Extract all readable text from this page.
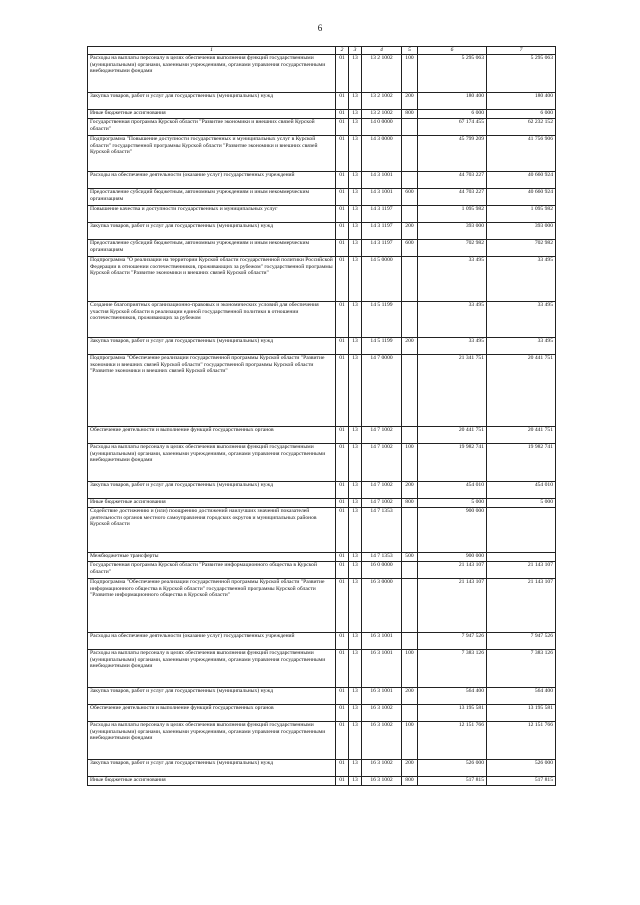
6
1	2	3	4	5	6	7
Расходы на выплаты персоналу в целях обеспечения выполнения функций государственными (муниципальными) органами, казенными учреждениями, органами управления государственными внебюджетными фондами	01	13	13 2 1002	100	5 295 063	5 295 063
Закупка товаров, работ и услуг для государственных (муниципальных) нужд	01	13	13 2 1002	200	180 400	180 400
Иные бюджетные ассигнования	01	13	13 2 1002	800	6 000	6 000
Государственная программа Курской области "Развитие экономики и внешних связей Курской области"	01	13	14 0 0000		67 174 455	62 232 152
Подпрограмма "Повышение доступности государственных и муниципальных услуг в Курской области" государственной программы Курской области "Развитие экономики и внешних связей Курской области"	01	13	14 3 0000		45 799 209	41 756 906
Расходы на обеспечение деятельности (оказание услуг) государственных учреждений	01	13	14 3 1001		44 703 227	40 660 924
Предоставление субсидий бюджетным, автономным учреждениям и иным некоммерческим организациям	01	13	14 3 1001	600	44 703 227	40 660 924
Повышение качества и доступности государственных и муниципальных услуг	01	13	14 3 1197		1 095 982	1 095 982
Закупка товаров, работ и услуг для государственных (муниципальных) нужд	01	13	14 3 1197	200	393 000	393 000
Предоставление субсидий бюджетным, автономным учреждениям и иным некоммерческим организациям	01	13	14 3 1197	600	702 982	702 982
Подпрограмма "О реализации на территории Курской области государственной политики Российской Федерации в отношении соотечественников, проживающих за рубежом" государственной программы Курской области "Развитие экономики и внешних связей Курской области"	01	13	14 5 0000		33 495	33 495
Создание благоприятных организационно-правовых и экономических условий для обеспечения участия Курской области в реализации единой государственной политики в отношении соотечественников, проживающих за рубежом	01	13	14 5 1199		33 495	33 495
Закупка товаров, работ и услуг для государственных (муниципальных) нужд	01	13	14 5 1199	200	33 495	33 495
Подпрограмма "Обеспечение реализации государственной программы Курской области "Развитие экономики и внешних связей Курской области" государственной программы Курской области "Развитие экономики и внешних связей Курской области"	01	13	14 7 0000		21 341 751	20 441 751
Обеспечение деятельности и выполнение функций государственных органов	01	13	14 7 1002		20 441 751	20 441 751
Расходы на выплаты персоналу в целях обеспечения выполнения функций государственными (муниципальными) органами, казенными учреждениями, органами управления государственными внебюджетными фондами	01	13	14 7 1002	100	19 982 741	19 982 741
Закупка товаров, работ и услуг для государственных (муниципальных) нужд	01	13	14 7 1002	200	454 010	454 010
Иные бюджетные ассигнования	01	13	14 7 1002	800	5 000	5 000
Содействие достижению и (или) поощрению достижений наилучших значений показателей деятельности органов местного самоуправления городских округов и муниципальных районов Курской области	01	13	14 7 1353		900 000	
Межбюджетные трансферты	01	13	14 7 1353	500	900 000	
Государственная программа Курской области "Развитие информационного общества в Курской области"	01	13	16 0 0000		21 143 107	21 143 107
Подпрограмма "Обеспечение реализации государственной программы Курской области "Развитие информационного общества в Курской области" государственной программы Курской области "Развитие информационного общества в Курской области"	01	13	16 3 0000		21 143 107	21 143 107
Расходы на обеспечение деятельности (оказание услуг) государственных учреждений	01	13	16 3 1001		7 947 526	7 947 526
Расходы на выплаты персоналу в целях обеспечения выполнения функций государственными (муниципальными) органами, казенными учреждениями, органами управления государственными внебюджетными фондами	01	13	16 3 1001	100	7 383 126	7 383 126
Закупка товаров, работ и услуг для государственных (муниципальных) нужд	01	13	16 3 1001	200	564 400	564 400
Обеспечение деятельности и выполнение функций государственных органов	01	13	16 3 1002		13 195 581	13 195 581
Расходы на выплаты персоналу в целях обеспечения выполнения функций государственными (муниципальными) органами, казенными учреждениями, органами управления государственными внебюджетными фондами	01	13	16 3 1002	100	12 151 766	12 151 766
Закупка товаров, работ и услуг для государственных (муниципальных) нужд	01	13	16 3 1002	200	526 000	526 000
Иные бюджетные ассигнования	01	13	16 3 1002	800	517 815	517 815
